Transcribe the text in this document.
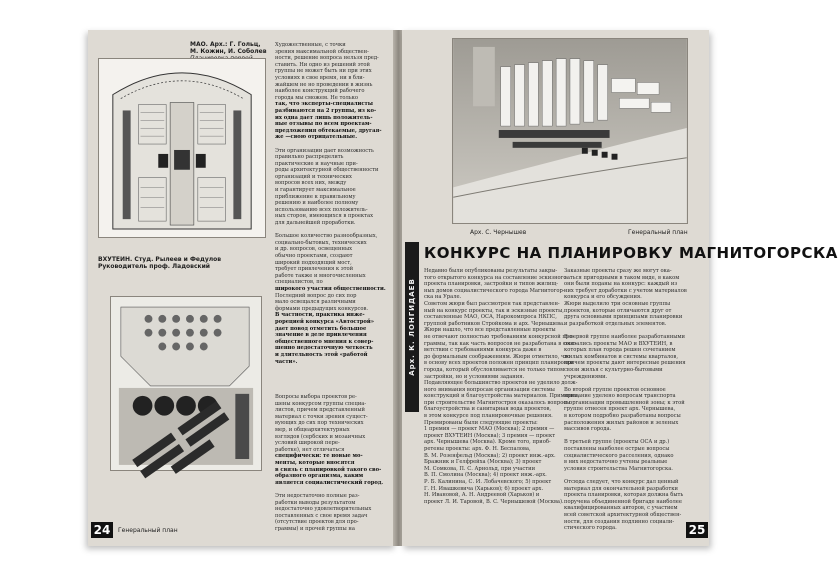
MAO. Арх.: Г. Гольц, М. Кожин, И. Соболев
Художественные, с точки
зрения максимальной обществен-
ности, решение вопроса нельзя пред-
ставить. Ни одно из решений этой
группы не может быть ни при этих
условиях в свое время, ни в бли-
жайшем не но проведении в жизнь
наиболее конструкций рабочего
города мы сможем. Не только
так, что эксперты-специалисты
разбиваются на 2 группы, из ко-
их одна дает лишь положитель-
ные отзывы по всем проектам-
предложения обтекаемые, другая-
же —свою отрицательные.
Эти организации дает возможность
правильно распределить
практические и научные при-
роды архитектурной общественности
организаций и технических
вопросов всех них, между
и гарантирует максимальное
приближение к правильному
решению и наиболее полному
использованию всех положитель-
ных сторон, имеющихся в проектах
для дальнейшей проработки.
Большое количество разнообразных,
социально-бытовых, технических
и др. вопросов, освещенных
обычно проектами, создают
широкий подходящий мост,
требует привлечения к этой
работе также и многочисленных
специалистов, по
широкого участия общественности.
Последний вопрос до сих пор
мало освещался различными
формами предыдущих конкурсов.
В частности, практика инже-
рорецией конкурса «Автострой»
дает повод отметить большое
значение в деле привлечения
общественного мнения к совер-
шенно недостаточную четкость
и длительность этой «работой
части».
ВХУТЕИН. Студ. Рылеев и Федулов
Руководитель проф. Ладовский
Вопросы выбора проектов ре-
шены конкурсом группы специа-
листов, причем представленный
материал с точки зрения сущест-
вующих до сих пор технических
мер, и общеархитектурных
взглядов (сербских и мозаичных
условий широкой пере-
работке), нет отличаться
специфически: те новые мо-
менты, которые вносятся
в связь с планировкой такого сво-
образного организма, каким
является социалистический город.
Эти недостаточно полные раз-
работки выводы результатом
недостаточно удовлетворительных
поставленных с свое время задач
(отсутствие проектов для про-
граммы) и прочей группы на
24	Генеральный план
Арх. С. Чернышев	Генеральный план
Арх. К. ЛОНГИДАЕВ
КОНКУРС НА ПЛАНИРОВКУ МАГНИТОГОРСКА
Недавно были опубликованы результаты закры-
того открытого конкурса на составление эскизного
проекта планировки, застройки и типов жилищ-
ных домов социалистического города Магнитогор-
ска на Урале.
Советом жюри был рассмотрен так представлен-
ный на конкурс проекты, так и эскизные проекты,
составленные МАО, ОСА, Нарокомпроса НКПС,
группой работников Стройкома и арх. Чернышева.
Жюри нашло, что все представленные проекты
не отвечают полностью требованиям конкурсной про-
граммы, так как часть вопросов не разработана в соот-
ветствии с требованиями конкурса даже в
до формальным соображениям. Жюри отметило, что
в основу всех проектов положен принцип планировки
города, который обусловливается не только типом
застройки, но и условиями задания.
Подавляющее большинство проектов не уделило долж-
ного внимания вопросам организации системы
конструкций и благоустройства материалов. Примерно,
при строительстве Магнитостроя оказалось вопросы
благоустройства и санитарная вода проектов,
в этом конкурсе под планировочные решения.
Премированы были следующие проекты:
1 премия — проект МАО (Москва); 2 премия —
проект ВХУТЕИН (Москва); 3 премия — проект
арх. Чернышева (Москва). Кроме того, приоб-
ретены проекты: арх. Ф. Н. Беспалова,
В. М. Розенфельд (Москва); 2) проект инж.-арх.
Бражник и Гелфрейха (Москва); 3) проект
М. Сомкова, П. С. Арнольд, при участии
В. П. Смолина (Москва); 4) проект инж.-арх.
Р. Б. Калинина, С. И. Лобачевского; 5) проект
Г. Н. Ивашкевича (Харьков); 6) проект арх.
Н. Ивановой, А. Н. Андреевой (Харьков) и
проект Л. И. Таровой, В. С. Чернышевой (Москва).
Заказные проекты сразу же могут ока-
заться пригодными в таком виде, в каком
они были поданы на конкурс: каждый из
них требует доработки с учетом материалов
конкурса и его обсуждения.
Жюри выделило три основные группы
проектов, которые отличаются друг от
друга основными принципами планировки
и разработкой отдельных элементов.
В первой группе наиболее разработанными
оказались проекты МАО и ВХУТЕИН, в
которых план города решен сочетанием
жилых комбинатов и системы кварталов,
причем проекты дают интересные решения
связи жилья с культурно-бытовыми
учреждениями.
Во второй группе проектов основное
внимание уделено вопросам транспорта
и организации промышленной зоны; к этой
группе отнесен проект арх. Чернышева,
в котором подробно разработаны вопросы
расположения жилых районов и зеленых
массивов города.
В третьей группе (проекты ОСА и др.)
поставлены наиболее острые вопросы
социалистического расселения, однако
в них недостаточно учтены реальные
условия строительства Магнитогорска.
Отсюда следует, что конкурс дал ценный
материал для окончательной разработки
проекта планировки, которая должна быть
поручена объединенной бригаде наиболее
квалифицированных авторов, с участием
всей советской архитектурной обществен-
ности, для создания подлинно социали-
стического города.	25
